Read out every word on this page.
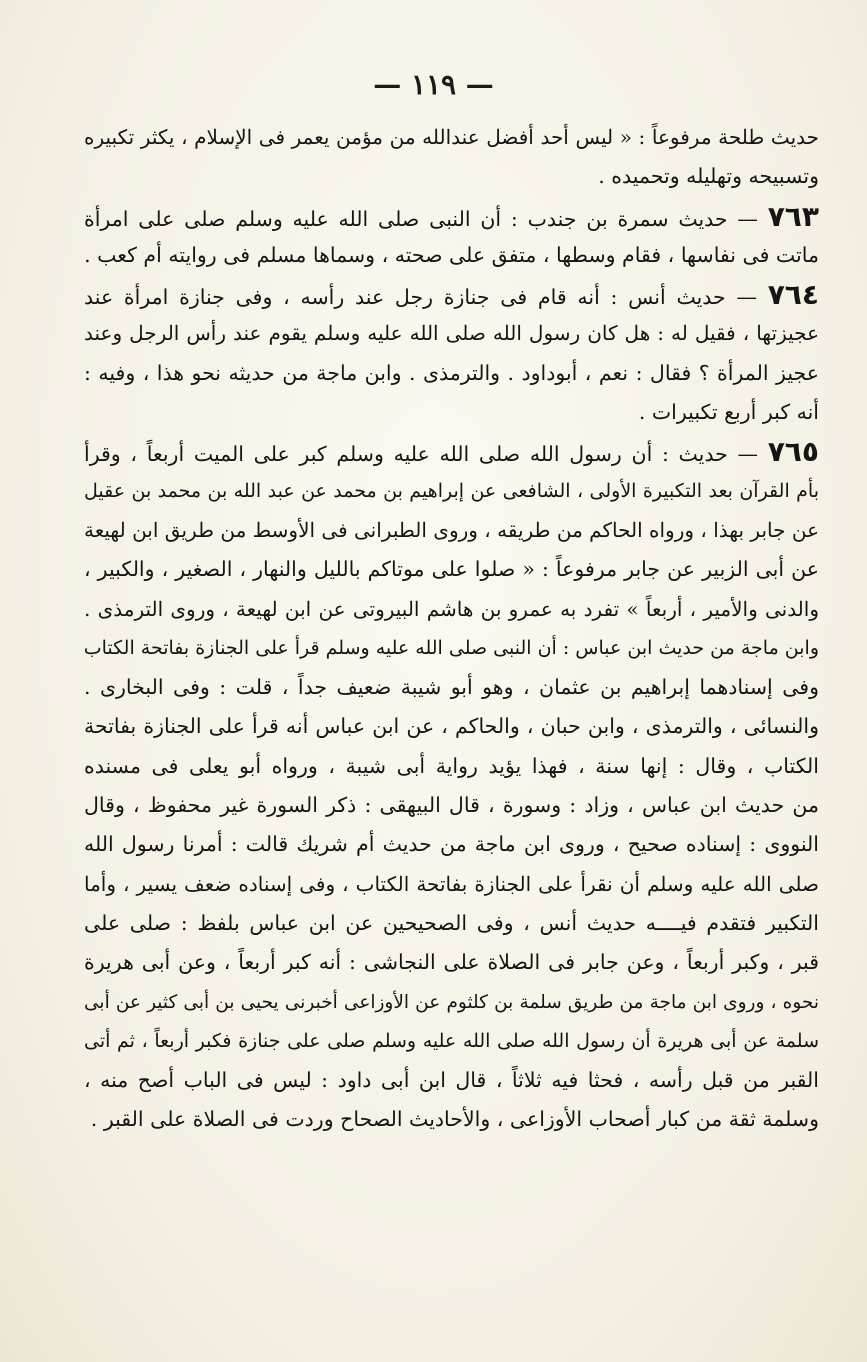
— ١١٩ —
حديث طلحة مرفوعاً : « ليس أحد أفضل عندالله من مؤمن يعمر فى الإسلام ، يكثر تكبيره
وتسبيحه وتهليله وتحميده .
٧٦٣ — حديث سمرة بن جندب : أن النبى صلى الله عليه وسلم صلى على امرأة
ماتت فى نفاسها ، فقام وسطها ، متفق على صحته ، وسماها مسلم فى روايته أم كعب .
٧٦٤ — حديث أنس : أنه قام فى جنازة رجل عند رأسه ، وفى جنازة امرأة عند
عجيزتها ، فقيل له : هل كان رسول الله صلى الله عليه وسلم يقوم عند رأس الرجل وعند
عجيز المرأة ؟ فقال : نعم ، أبوداود . والترمذى . وابن ماجة من حديثه نحو هذا ، وفيه :
أنه كبر أربع تكبيرات .
٧٦٥ — حديث : أن رسول الله صلى الله عليه وسلم كبر على الميت أربعاً ، وقرأ
بأم القرآن بعد التكبيرة الأولى ، الشافعى عن إبراهيم بن محمد عن عبد الله بن محمد بن عقيل
عن جابر بهذا ، ورواه الحاكم من طريقه ، وروى الطبرانى فى الأوسط من طريق ابن لهيعة
عن أبى الزبير عن جابر مرفوعاً : « صلوا على موتاكم بالليل والنهار ، الصغير ، والكبير ،
والدنى والأمير ، أربعاً » تفرد به عمرو بن هاشم البيروتى عن ابن لهيعة ، وروى الترمذى .
وابن ماجة من حديث ابن عباس : أن النبى صلى الله عليه وسلم قرأ على الجنازة بفاتحة الكتاب
وفى إسنادهما إبراهيم بن عثمان ، وهو أبو شيبة ضعيف جداً ، قلت : وفى البخارى .
والنسائى ، والترمذى ، وابن حبان ، والحاكم ، عن ابن عباس أنه قرأ على الجنازة بفاتحة
الكتاب ، وقال : إنها سنة ، فهذا يؤيد رواية أبى شيبة ، ورواه أبو يعلى فى مسنده
من حديث ابن عباس ، وزاد : وسورة ، قال البيهقى : ذكر السورة غير محفوظ ، وقال
النووى : إسناده صحيح ، وروى ابن ماجة من حديث أم شريك قالت : أمرنا رسول الله
صلى الله عليه وسلم أن نقرأ على الجنازة بفاتحة الكتاب ، وفى إسناده ضعف يسير ، وأما
التكبير فتقدم فيــــه حديث أنس ، وفى الصحيحين عن ابن عباس بلفظ : صلى على
قبر ، وكبر أربعاً ، وعن جابر فى الصلاة على النجاشى : أنه كبر أربعاً ، وعن أبى هريرة
نحوه ، وروى ابن ماجة من طريق سلمة بن كلثوم عن الأوزاعى أخبرنى يحيى بن أبى كثير عن أبى
سلمة عن أبى هريرة أن رسول الله صلى الله عليه وسلم صلى على جنازة فكبر أربعاً ، ثم أتى
القبر من قبل رأسه ، فحثا فيه ثلاثاً ، قال ابن أبى داود : ليس فى الباب أصح منه ،
وسلمة ثقة من كبار أصحاب الأوزاعى ، والأحاديث الصحاح وردت فى الصلاة على القبر .
